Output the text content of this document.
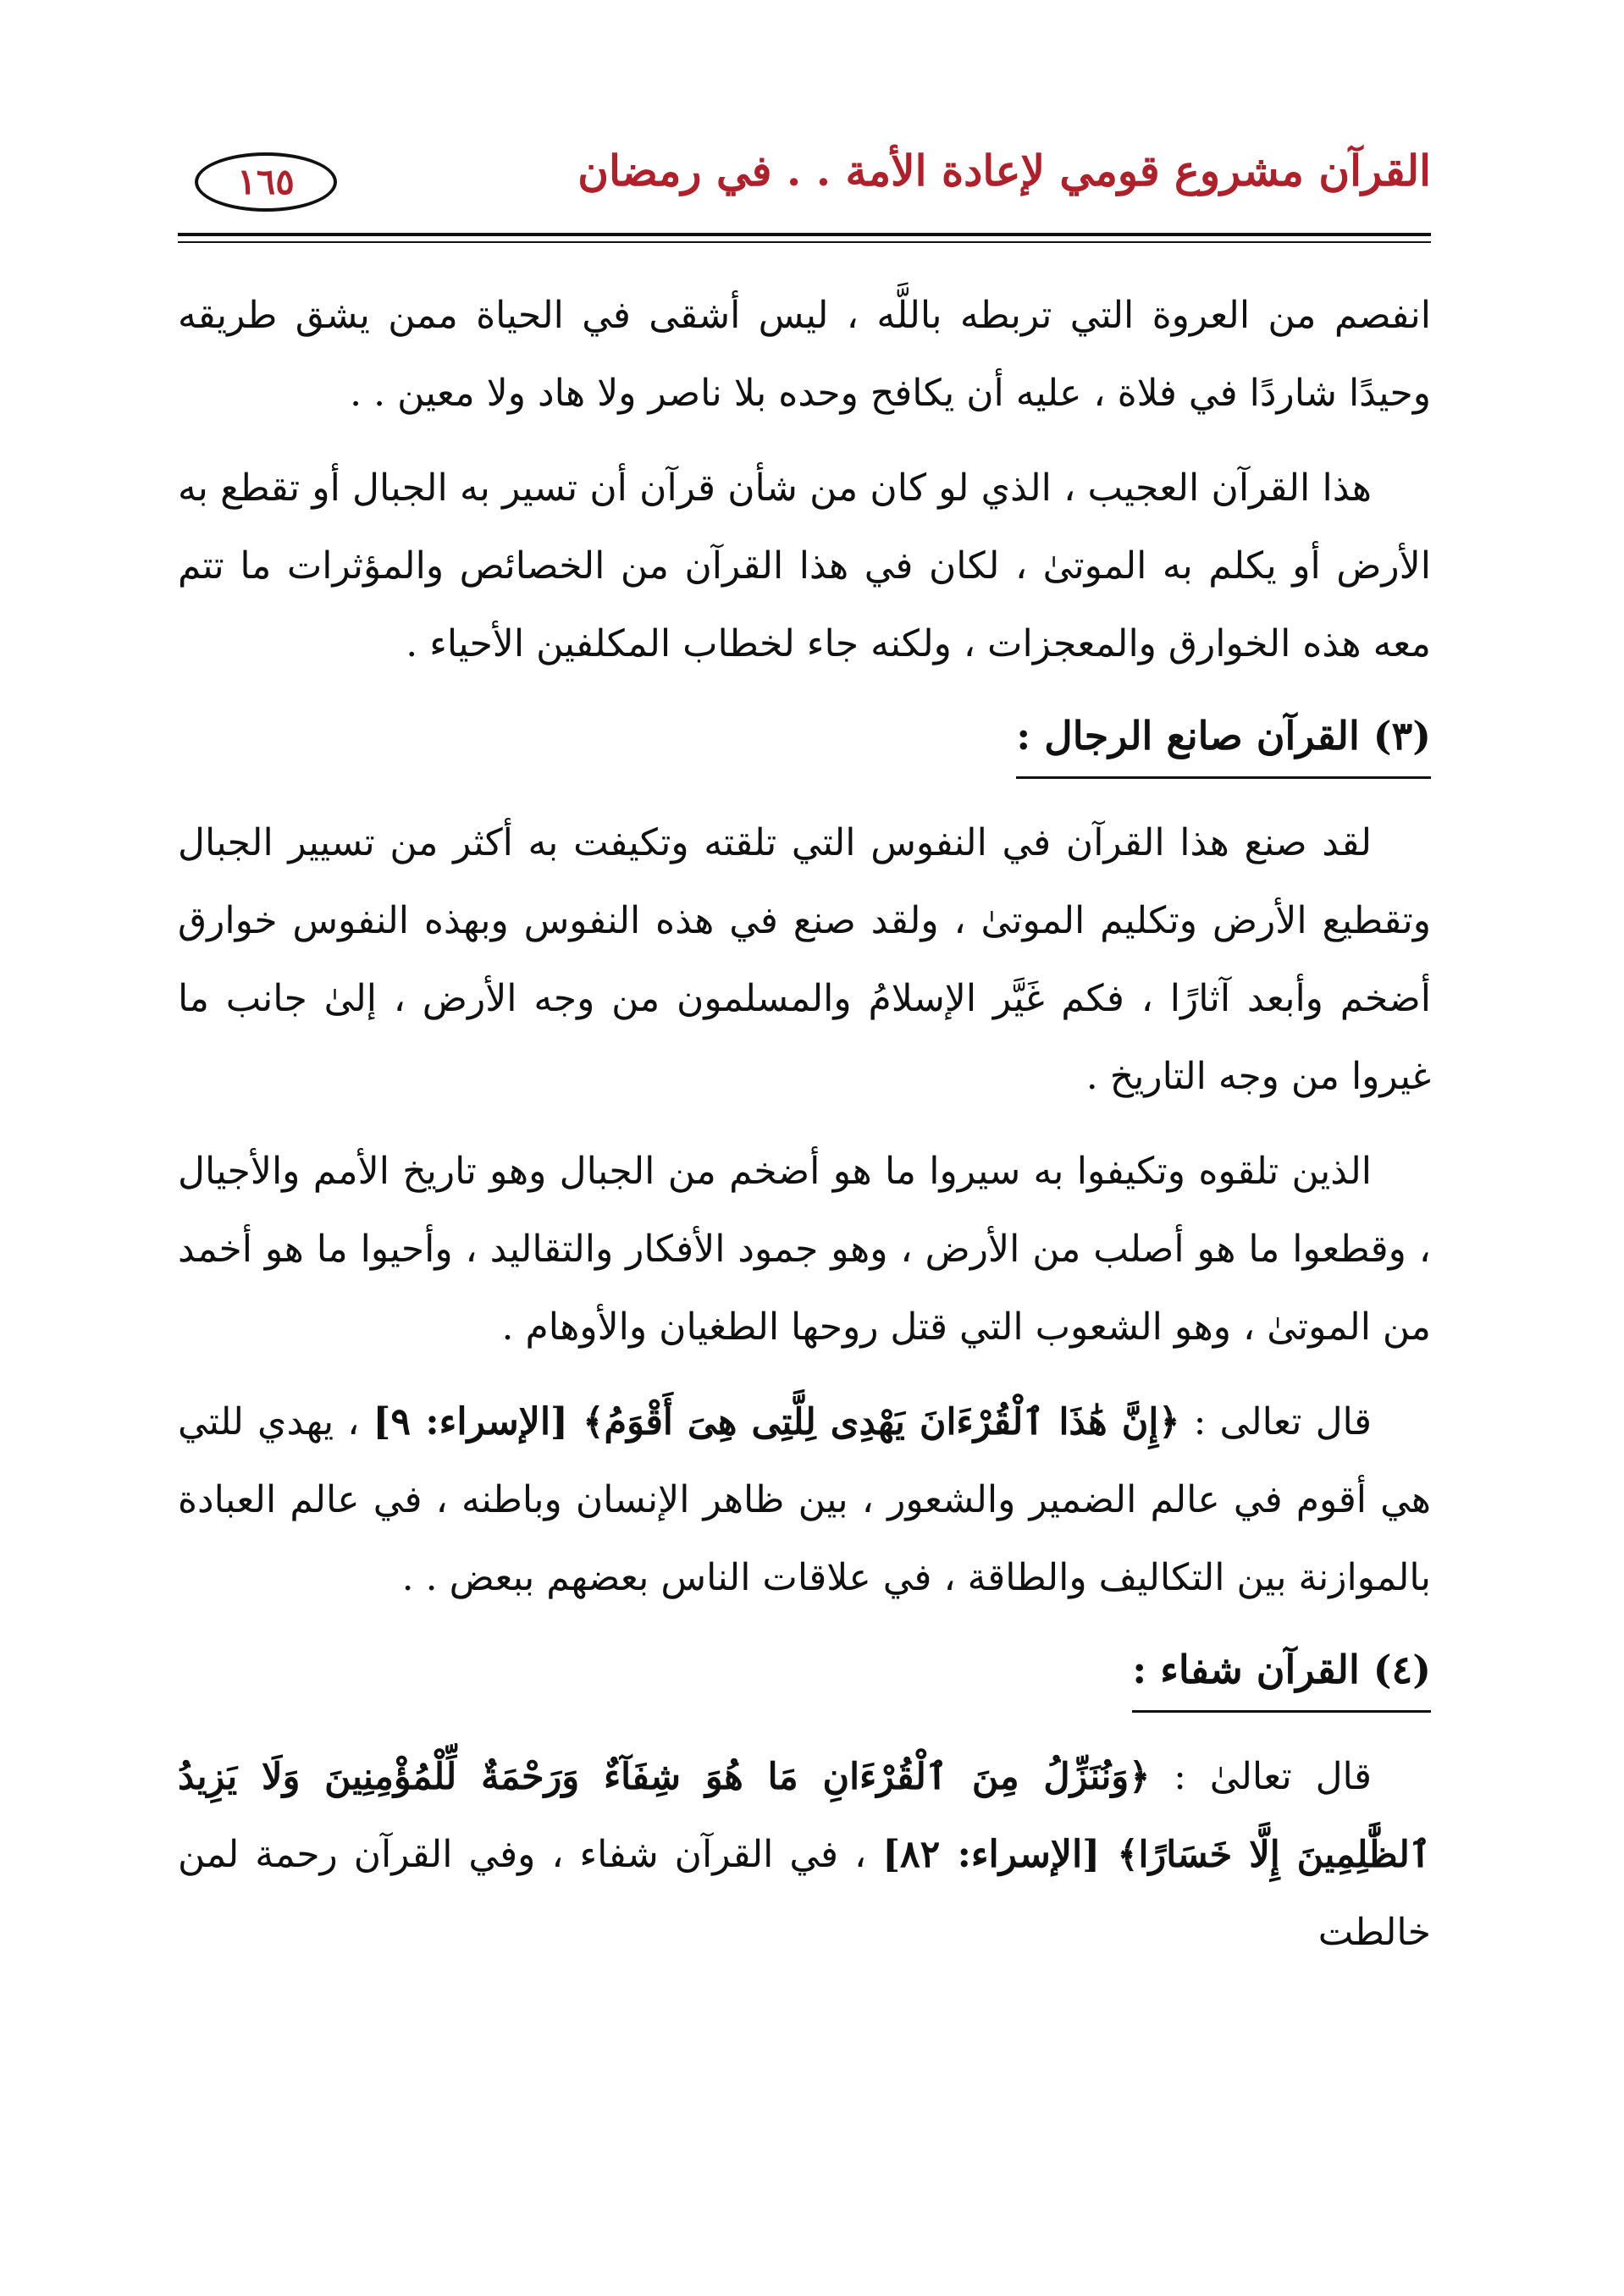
القرآن مشروع قومي لإعادة الأمة . . في رمضان
١٦٥

انفصم من العروة التي تربطه باللَّه ، ليس أشقى في الحياة ممن يشق طريقه وحيدًا شاردًا في فلاة ، عليه أن يكافح وحده بلا ناصر ولا هاد ولا معين . .

هذا القرآن العجيب ، الذي لو كان من شأن قرآن أن تسير به الجبال أو تقطع به الأرض أو يكلم به الموتىٰ ، لكان في هذا القرآن من الخصائص والمؤثرات ما تتم معه هذه الخوارق والمعجزات ، ولكنه جاء لخطاب المكلفين الأحياء .

(٣) القرآن صانع الرجال :

لقد صنع هذا القرآن في النفوس التي تلقته وتكيفت به أكثر من تسيير الجبال وتقطيع الأرض وتكليم الموتىٰ ، ولقد صنع في هذه النفوس وبهذه النفوس خوارق أضخم وأبعد آثارًا ، فكم غَيَّر الإسلامُ والمسلمون من وجه الأرض ، إلىٰ جانب ما غيروا من وجه التاريخ .

الذين تلقوه وتكيفوا به سيروا ما هو أضخم من الجبال وهو تاريخ الأمم والأجيال ، وقطعوا ما هو أصلب من الأرض ، وهو جمود الأفكار والتقاليد ، وأحيوا ما هو أخمد من الموتىٰ ، وهو الشعوب التي قتل روحها الطغيان والأوهام .

قال تعالى : ﴿إِنَّ هَٰذَا ٱلْقُرْءَانَ يَهْدِى لِلَّتِى هِىَ أَقْوَمُ﴾ [الإسراء: ٩] ، يهدي للتي هي أقوم في عالم الضمير والشعور ، بين ظاهر الإنسان وباطنه ، في عالم العبادة بالموازنة بين التكاليف والطاقة ، في علاقات الناس بعضهم ببعض . .

(٤) القرآن شفاء :

قال تعالىٰ : ﴿وَنُنَزِّلُ مِنَ ٱلْقُرْءَانِ مَا هُوَ شِفَآءٌ وَرَحْمَةٌ لِّلْمُؤْمِنِينَ وَلَا يَزِيدُ ٱلظَّٰلِمِينَ إِلَّا خَسَارًا﴾ [الإسراء: ٨٢] ، في القرآن شفاء ، وفي القرآن رحمة لمن خالطت
